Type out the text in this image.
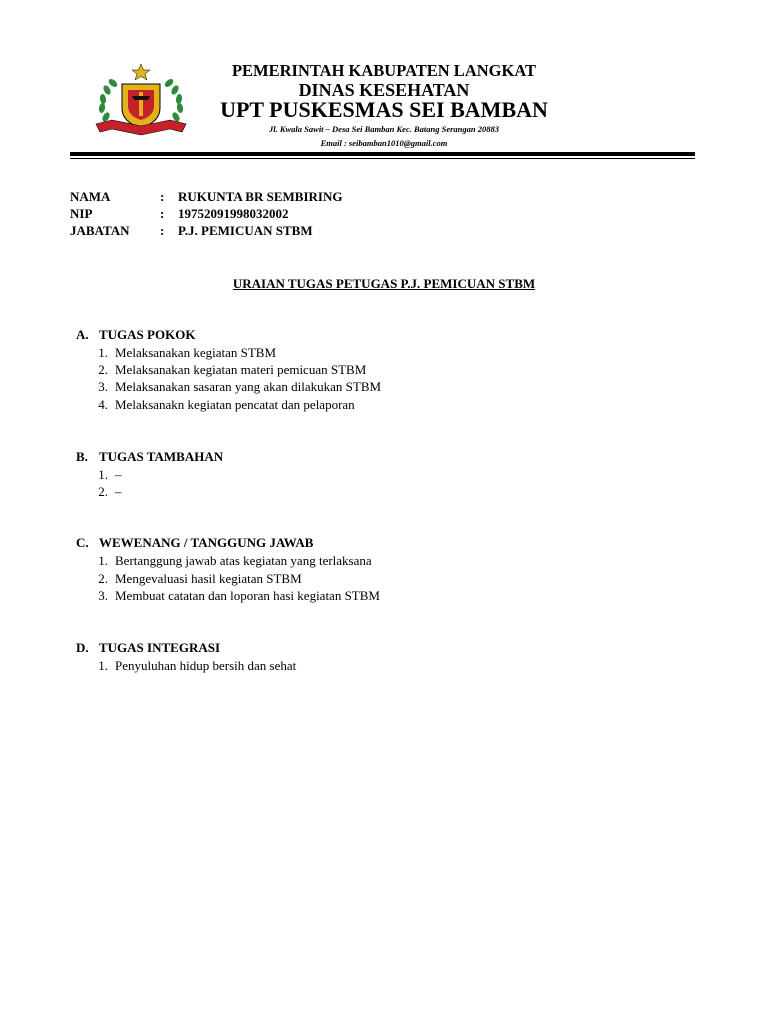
PEMERINTAH KABUPATEN LANGKAT
DINAS KESEHATAN
UPT PUSKESMAS SEI BAMBAN
Jl. Kwala Sawit – Desa Sei Bamban Kec. Batang Serangan 20883
Email : seibamban1010@gmail.com
NAMA	: RUKUNTA BR SEMBIRING
NIP	: 19752091998032002
JABATAN : P.J. PEMICUAN STBM
URAIAN TUGAS PETUGAS P.J. PEMICUAN STBM
A. TUGAS POKOK
1. Melaksanakan kegiatan STBM
2. Melaksanakan kegiatan materi pemicuan STBM
3. Melaksanakan sasaran yang akan dilakukan STBM
4. Melaksanakn kegiatan pencatat dan pelaporan
B. TUGAS TAMBAHAN
1. –
2. –
C. WEWENANG / TANGGUNG JAWAB
1. Bertanggung jawab atas kegiatan yang terlaksana
2. Mengevaluasi hasil kegiatan STBM
3. Membuat catatan dan loporan hasi kegiatan STBM
D. TUGAS INTEGRASI
1. Penyuluhan hidup bersih dan sehat
